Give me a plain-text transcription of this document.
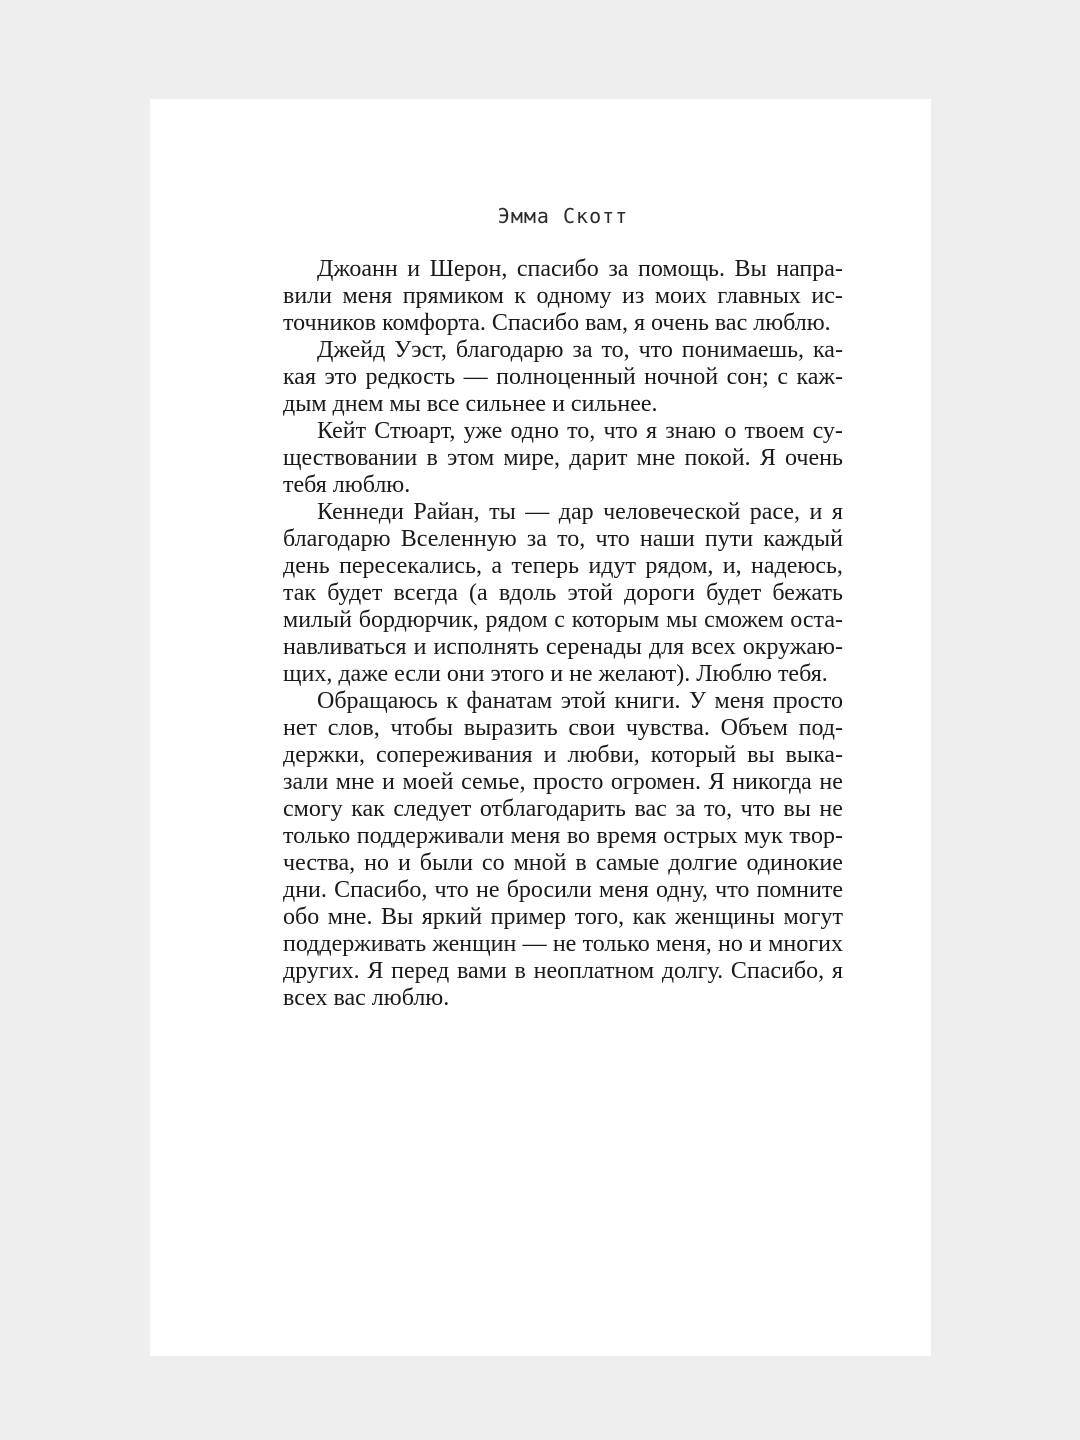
Эмма Скотт
Джоанн и Шерон, спасибо за помощь. Вы напра-
вили меня прямиком к одному из моих главных ис-
точников комфорта. Спасибо вам, я очень вас люблю.
Джейд Уэст, благодарю за то, что понимаешь, ка-
кая это редкость — полноценный ночной сон; с каж-
дым днем мы все сильнее и сильнее.
Кейт Стюарт, уже одно то, что я знаю о твоем су-
ществовании в этом мире, дарит мне покой. Я очень
тебя люблю.
Кеннеди Райан, ты — дар человеческой расе, и я
благодарю Вселенную за то, что наши пути каждый
день пересекались, а теперь идут рядом, и, надеюсь,
так будет всегда (а вдоль этой дороги будет бежать
милый бордюрчик, рядом с которым мы сможем оста-
навливаться и исполнять серенады для всех окружаю-
щих, даже если они этого и не желают). Люблю тебя.
Обращаюсь к фанатам этой книги. У меня просто
нет слов, чтобы выразить свои чувства. Объем под-
держки, сопереживания и любви, который вы выка-
зали мне и моей семье, просто огромен. Я никогда не
смогу как следует отблагодарить вас за то, что вы не
только поддерживали меня во время острых мук твор-
чества, но и были со мной в самые долгие одинокие
дни. Спасибо, что не бросили меня одну, что помните
обо мне. Вы яркий пример того, как женщины могут
поддерживать женщин — не только меня, но и многих
других. Я перед вами в неоплатном долгу. Спасибо, я
всех вас люблю.
